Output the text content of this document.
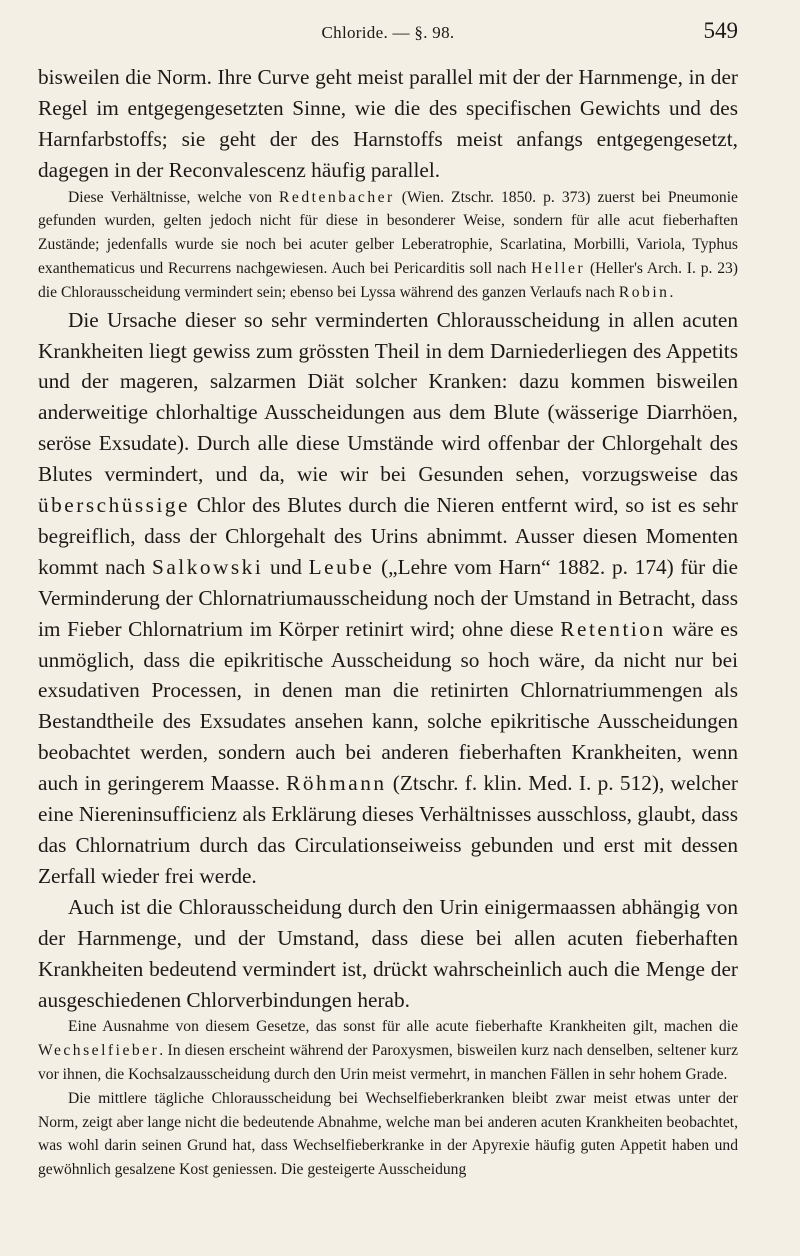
Chloride. — §. 98.	549

bisweilen die Norm. Ihre Curve geht meist parallel mit der der Harnmenge, in der Regel im entgegengesetzten Sinne, wie die des specifischen Gewichts und des Harnfarbstoffs; sie geht der des Harnstoffs meist anfangs entgegengesetzt, dagegen in der Reconvalescenz häufig parallel.

Diese Verhältnisse, welche von Redtenbacher (Wien. Ztschr. 1850. p. 373) zuerst bei Pneumonie gefunden wurden, gelten jedoch nicht für diese in besonderer Weise, sondern für alle acut fieberhaften Zustände; jedenfalls wurde sie noch bei acuter gelber Leberatrophie, Scarlatina, Morbilli, Variola, Typhus exanthematicus und Recurrens nachgewiesen. Auch bei Pericarditis soll nach Heller (Heller's Arch. I. p. 23) die Chlorausscheidung vermindert sein; ebenso bei Lyssa während des ganzen Verlaufs nach Robin.

Die Ursache dieser so sehr verminderten Chlorausscheidung in allen acuten Krankheiten liegt gewiss zum grössten Theil in dem Darniederliegen des Appetits und der mageren, salzarmen Diät solcher Kranken: dazu kommen bisweilen anderweitige chlorhaltige Ausscheidungen aus dem Blute (wässerige Diarrhöen, seröse Exsudate). Durch alle diese Umstände wird offenbar der Chlorgehalt des Blutes vermindert, und da, wie wir bei Gesunden sehen, vorzugsweise das überschüssige Chlor des Blutes durch die Nieren entfernt wird, so ist es sehr begreiflich, dass der Chlorgehalt des Urins abnimmt. Ausser diesen Momenten kommt nach Salkowski und Leube („Lehre vom Harn“ 1882. p. 174) für die Verminderung der Chlornatriumausscheidung noch der Umstand in Betracht, dass im Fieber Chlornatrium im Körper retinirt wird; ohne diese Retention wäre es unmöglich, dass die epikritische Ausscheidung so hoch wäre, da nicht nur bei exsudativen Processen, in denen man die retinirten Chlornatriummengen als Bestandtheile des Exsudates ansehen kann, solche epikritische Ausscheidungen beobachtet werden, sondern auch bei anderen fieberhaften Krankheiten, wenn auch in geringerem Maasse. Röhmann (Ztschr. f. klin. Med. I. p. 512), welcher eine Niereninsufficienz als Erklärung dieses Verhältnisses ausschloss, glaubt, dass das Chlornatrium durch das Circulationseiweiss gebunden und erst mit dessen Zerfall wieder frei werde.

Auch ist die Chlorausscheidung durch den Urin einigermaassen abhängig von der Harnmenge, und der Umstand, dass diese bei allen acuten fieberhaften Krankheiten bedeutend vermindert ist, drückt wahrscheinlich auch die Menge der ausgeschiedenen Chlorverbindungen herab.

Eine Ausnahme von diesem Gesetze, das sonst für alle acute fieberhafte Krankheiten gilt, machen die Wechselfieber. In diesen erscheint während der Paroxysmen, bisweilen kurz nach denselben, seltener kurz vor ihnen, die Kochsalzausscheidung durch den Urin meist vermehrt, in manchen Fällen in sehr hohem Grade.

Die mittlere tägliche Chlorausscheidung bei Wechselfieberkranken bleibt zwar meist etwas unter der Norm, zeigt aber lange nicht die bedeutende Abnahme, welche man bei anderen acuten Krankheiten beobachtet, was wohl darin seinen Grund hat, dass Wechselfieberkranke in der Apyrexie häufig guten Appetit haben und gewöhnlich gesalzene Kost geniessen. Die gesteigerte Ausscheidung
